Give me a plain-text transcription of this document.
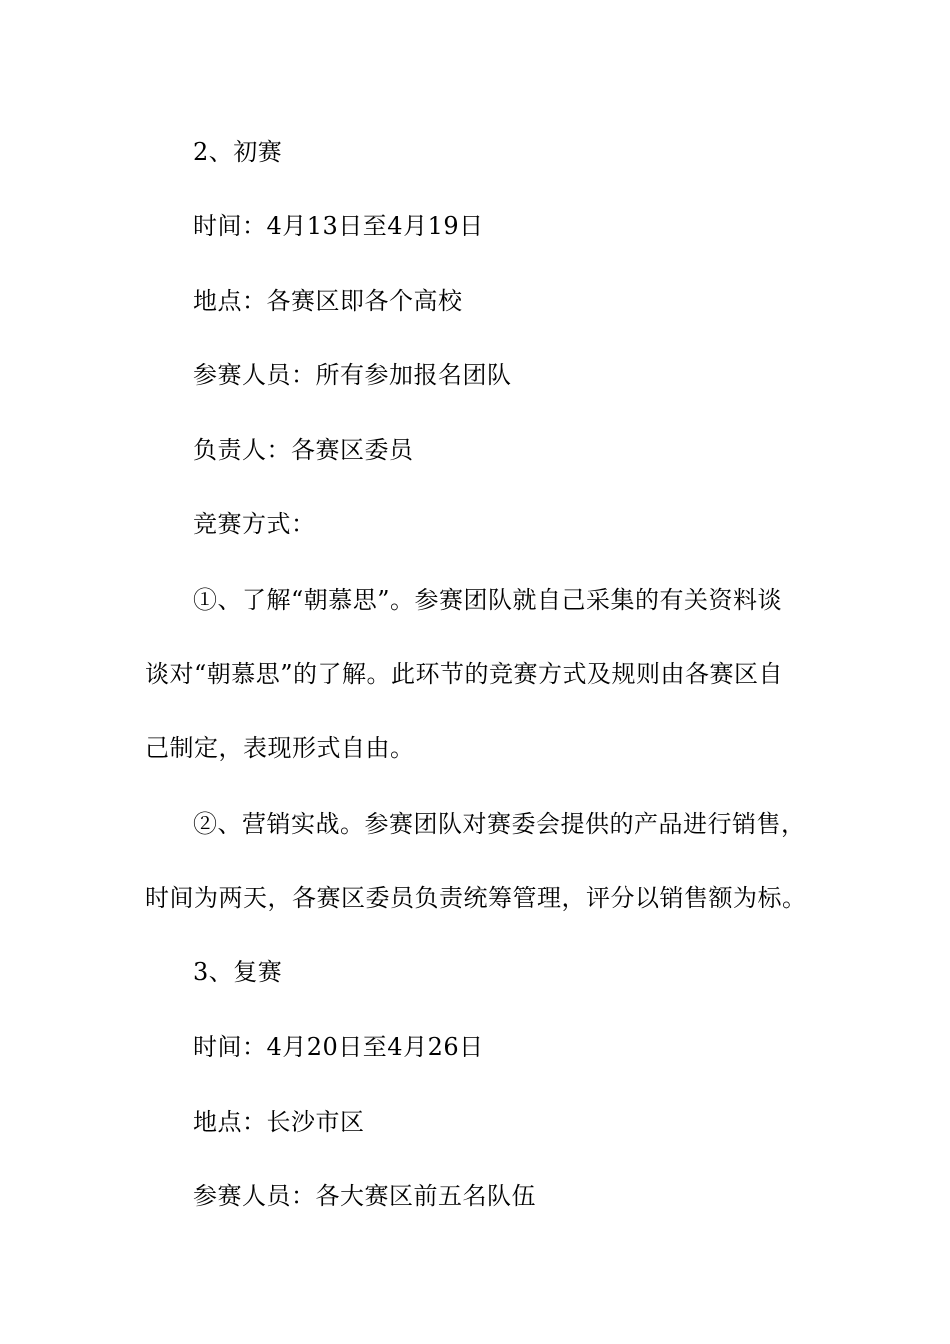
2、初赛
时间：4月13日至4月19日
地点：各赛区即各个高校
参赛人员：所有参加报名团队
负责人：各赛区委员
竞赛方式：
①、了解“朝慕思”。参赛团队就自己采集的有关资料谈
谈对“朝慕思”的了解。此环节的竞赛方式及规则由各赛区自
己制定，表现形式自由。
②、营销实战。参赛团队对赛委会提供的产品进行销售，
时间为两天，各赛区委员负责统筹管理，评分以销售额为标。
3、复赛
时间：4月20日至4月26日
地点：长沙市区
参赛人员：各大赛区前五名队伍
